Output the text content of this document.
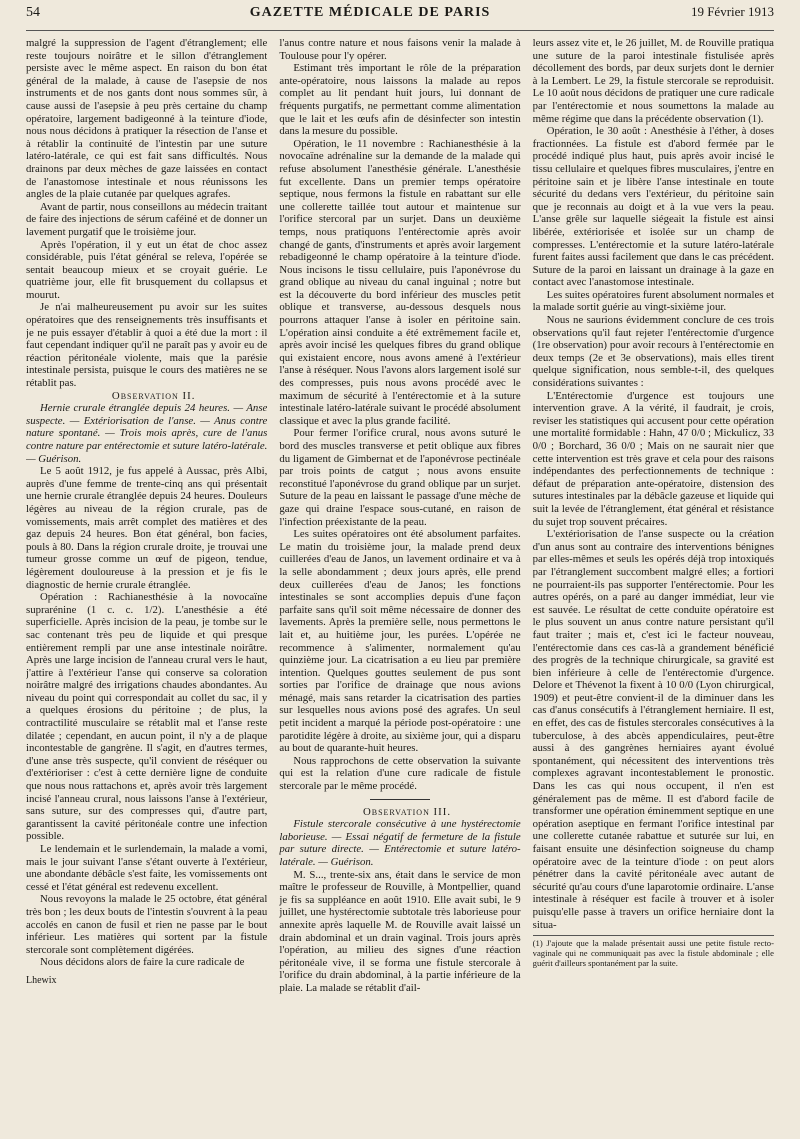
54	GAZETTE MÉDICALE DE PARIS	19 Février 1913

malgré la suppression de l'agent d'étranglement; elle reste toujours noirâtre et le sillon d'étranglement persiste avec le même aspect. En raison du bon état général de la malade, à cause de l'asepsie de nos instruments et de nos gants dont nous sommes sûr, à cause aussi de l'asepsie à peu près certaine du champ opératoire, largement badigeonné à la teinture d'iode, nous nous décidons à pratiquer la résection de l'anse et à rétablir la continuité de l'intestin par une suture latéro-latérale, ce qui est fait sans difficultés. Nous drainons par deux mèches de gaze laissées en contact de l'anastomose intestinale et nous réunissons les angles de la plaie cutanée par quelques agrafes.

Avant de partir, nous conseillons au médecin traitant de faire des injections de sérum caféiné et de donner un lavement purgatif que le troisième jour.

Après l'opération, il y eut un état de choc assez considérable, puis l'état général se releva, l'opérée se sentait beaucoup mieux et se croyait guérie. Le quatrième jour, elle fit brusquement du collapsus et mourut.

Je n'ai malheureusement pu avoir sur les suites opératoires que des renseignements très insuffisants et je ne puis essayer d'établir à quoi a été due la mort : il faut cependant indiquer qu'il ne paraît pas y avoir eu de réaction péritonéale violente, mais que la parésie intestinale persista, puisque le cours des matières ne se rétablit pas.

Observation II.

Hernie crurale étranglée depuis 24 heures. — Anse suspecte. — Extériorisation de l'anse. — Anus contre nature spontané. — Trois mois après, cure de l'anus contre nature par entérectomie et suture latéro-latérale. — Guérison.

Le 5 août 1912, je fus appelé à Aussac, près Albi, auprès d'une femme de trente-cinq ans qui présentait une hernie crurale étranglée depuis 24 heures. Douleurs légères au niveau de la région crurale, pas de vomissements, mais arrêt complet des matières et des gaz depuis 24 heures. Bon état général, bon facies, pouls à 80. Dans la région crurale droite, je trouvai une tumeur grosse comme un œuf de pigeon, tendue, légèrement douloureuse à la pression et je fis le diagnostic de hernie crurale étranglée.

Opération : Rachianesthésie à la novocaïne suprarénine (1 c. c. 1/2). L'anesthésie a été superficielle. Après incision de la peau, je tombe sur le sac contenant très peu de liquide et qui presque entièrement rempli par une anse intestinale noirâtre. Après une large incision de l'anneau crural vers le haut, j'attire à l'extérieur l'anse qui conserve sa coloration noirâtre malgré des irrigations chaudes abondantes. Au niveau du point qui correspondait au collet du sac, il y a quelques érosions du péritoine ; de plus, la contractilité musculaire se rétablit mal et l'anse reste dilatée ; cependant, en aucun point, il n'y a de plaque incontestable de gangrène. Il s'agit, en d'autres termes, d'une anse très suspecte, qu'il convient de réséquer ou d'extérioriser : c'est à cette dernière ligne de conduite que nous nous rattachons et, après avoir très largement incisé l'anneau crural, nous laissons l'anse à l'extérieur, sans suture, sur des compresses qui, d'autre part, garantissent la cavité péritonéale contre une infection possible.

Le lendemain et le surlendemain, la malade a vomi, mais le jour suivant l'anse s'étant ouverte à l'extérieur, une abondante débâcle s'est faite, les vomissements ont cessé et l'état général est redevenu excellent.

Nous revoyons la malade le 25 octobre, état général très bon ; les deux bouts de l'intestin s'ouvrent à la peau accolés en canon de fusil et rien ne passe par le bout inférieur. Les matières qui sortent par la fistule stercorale sont complètement digérées.

Nous décidons alors de faire la cure radicale de

Lhewix

l'anus contre nature et nous faisons venir la malade à Toulouse pour l'y opérer.

Estimant très important le rôle de la préparation ante-opératoire, nous laissons la malade au repos complet au lit pendant huit jours, lui donnant de fréquents purgatifs, ne permettant comme alimentation que le lait et les œufs afin de désinfecter son intestin dans la mesure du possible.

Opération, le 11 novembre : Rachianesthésie à la novocaïne adrénaline sur la demande de la malade qui refuse absolument l'anesthésie générale. L'anesthésie fut excellente. Dans un premier temps opératoire septique, nous fermons la fistule en rabattant sur elle une collerette taillée tout autour et maintenue sur l'orifice stercoral par un surjet. Dans un deuxième temps, nous pratiquons l'entérectomie après avoir changé de gants, d'instruments et après avoir largement rebadigeonné le champ opératoire à la teinture d'iode. Nous incisons le tissu cellulaire, puis l'aponévrose du grand oblique au niveau du canal inguinal ; notre but est la découverte du bord inférieur des muscles petit oblique et transverse, au-dessous desquels nous pourrons attaquer l'anse à isoler en péritoine sain. L'opération ainsi conduite a été extrêmement facile et, après avoir incisé les quelques fibres du grand oblique qui existaient encore, nous avons amené à l'extérieur l'anse à réséquer. Nous l'avons alors largement isolé sur des compresses, puis nous avons procédé avec le maximum de sécurité à l'entérectomie et à la suture intestinale latéro-latérale suivant le procédé absolument classique et avec la plus grande facilité.

Pour fermer l'orifice crural, nous avons suturé le bord des muscles transverse et petit oblique aux fibres du ligament de Gimbernat et de l'aponévrose pectinéale par trois points de catgut ; nous avons ensuite reconstitué l'aponévrose du grand oblique par un surjet. Suture de la peau en laissant le passage d'une mèche de gaze qui draine l'espace sous-cutané, en raison de l'infection préexistante de la peau.

Les suites opératoires ont été absolument parfaites. Le matin du troisième jour, la malade prend deux cuillerées d'eau de Janos, un lavement ordinaire et va à la selle abondamment ; deux jours après, elle prend deux cuillerées d'eau de Janos; les fonctions intestinales se sont accomplies depuis d'une façon parfaite sans qu'il soit même nécessaire de donner des lavements. Après la première selle, nous permettons le lait et, au huitième jour, les purées. L'opérée ne recommence à s'alimenter, normalement qu'au quinzième jour. La cicatrisation a eu lieu par première intention. Quelques gouttes seulement de pus sont sorties par l'orifice de drainage que nous avions ménagé, mais sans retarder la cicatrisation des parties sur lesquelles nous avions posé des agrafes. Un seul petit incident a marqué la période post-opératoire : une parotidite légère à droite, au sixième jour, qui a disparu au bout de quarante-huit heures.

Nous rapprochons de cette observation la suivante qui est la relation d'une cure radicale de fistule stercorale par le même procédé.

Observation III.

Fistule stercorale consécutive à une hystérectomie laborieuse. — Essai négatif de fermeture de la fistule par suture directe. — Entérectomie et suture latéro-latérale. — Guérison.

M. S..., trente-six ans, était dans le service de mon maître le professeur de Rouville, à Montpellier, quand je fis sa suppléance en août 1910. Elle avait subi, le 9 juillet, une hystérectomie subtotale très laborieuse pour annexite après laquelle M. de Rouville avait laissé un drain abdominal et un drain vaginal. Trois jours après l'opération, au milieu des signes d'une réaction péritonéale vive, il se forma une fistule stercorale à l'orifice du drain abdominal, à la partie inférieure de la plaie. La malade se rétablit d'ail-

leurs assez vite et, le 26 juillet, M. de Rouville pratiqua une suture de la paroi intestinale fistulisée après décollement des bords, par deux surjets dont le dernier à la Lembert. Le 29, la fistule stercorale se reproduisit. Le 10 août nous décidons de pratiquer une cure radicale par l'entérectomie et nous soumettons la malade au même régime que dans la précédente observation (1).

Opération, le 30 août : Anesthésie à l'éther, à doses fractionnées. La fistule est d'abord fermée par le procédé indiqué plus haut, puis après avoir incisé le tissu cellulaire et quelques fibres musculaires, j'entre en péritoine sain et je libère l'anse intestinale en toute sécurité du dedans vers l'extérieur, du péritoine sain que je reconnais au doigt et à la vue vers la peau. L'anse grêle sur laquelle siégeait la fistule est ainsi libérée, extériorisée et isolée sur un champ de compresses. L'entérectomie et la suture latéro-latérale furent faites aussi facilement que dans le cas précédent. Suture de la paroi en laissant un drainage à la gaze en contact avec l'anastomose intestinale.

Les suites opératoires furent absolument normales et la malade sortit guérie au vingt-sixième jour.

Nous ne saurions évidemment conclure de ces trois observations qu'il faut rejeter l'entérectomie d'urgence (1re observation) pour avoir recours à l'entérectomie en deux temps (2e et 3e observations), mais elles tirent quelque signification, nous semble-t-il, des quelques considérations suivantes :

L'Entérectomie d'urgence est toujours une intervention grave. A la vérité, il faudrait, je crois, reviser les statistiques qui accusent pour cette opération une mortalité formidable : Hahn, 47 0/0 ; Mickulicz, 33 0/0 ; Borchard, 36 0/0 ; Mais on ne saurait nier que cette intervention est très grave et cela pour des raisons indépendantes des perfectionnements de technique : défaut de préparation ante-opératoire, distension des sutures intestinales par la débâcle gazeuse et liquide qui suit la levée de l'étranglement, état général et résistance du sujet trop souvent précaires.

L'extériorisation de l'anse suspecte ou la création d'un anus sont au contraire des interventions bénignes par elles-mêmes et seuls les opérés déjà trop intoxiqués par l'étranglement succombent malgré elles; a fortiori ne pourraient-ils pas supporter l'entérectomie. Pour les autres opérés, on a paré au danger immédiat, leur vie est sauvée. Le résultat de cette conduite opératoire est le plus souvent un anus contre nature persistant qu'il faut traiter ; mais et, c'est ici le facteur nouveau, l'entérectomie dans ces cas-là a grandement bénéficié des progrès de la technique chirurgicale, sa gravité est bien inférieure à celle de l'entérectomie d'urgence. Delore et Thévenot la fixent à 10 0/0 (Lyon chirurgical, 1909) et peut-être convient-il de la diminuer dans les cas d'anus consécutifs à l'étranglement herniaire. Il est, en effet, des cas de fistules stercorales consécutives à la tuberculose, à des abcès appendiculaires, peut-être aussi à des gangrènes herniaires ayant évolué spontanément, qui nécessitent des interventions très complexes agravant incontestablement le pronostic. Dans les cas qui nous occupent, il n'en est généralement pas de même. Il est d'abord facile de transformer une opération éminemment septique en une opération aseptique en fermant l'orifice intestinal par une collerette cutanée rabattue et suturée sur lui, en faisant ensuite une désinfection soigneuse du champ opératoire avec de la teinture d'iode : on peut alors pénétrer dans la cavité péritonéale avec autant de sécurité qu'au cours d'une laparotomie ordinaire. L'anse intestinale à réséquer est facile à trouver et à isoler puisqu'elle passe à travers un orifice herniaire dont la situa-

(1) J'ajoute que la malade présentait aussi une petite fistule recto-vaginale qui ne communiquait pas avec la fistule abdominale ; elle guérit d'ailleurs spontanément par la suite.
